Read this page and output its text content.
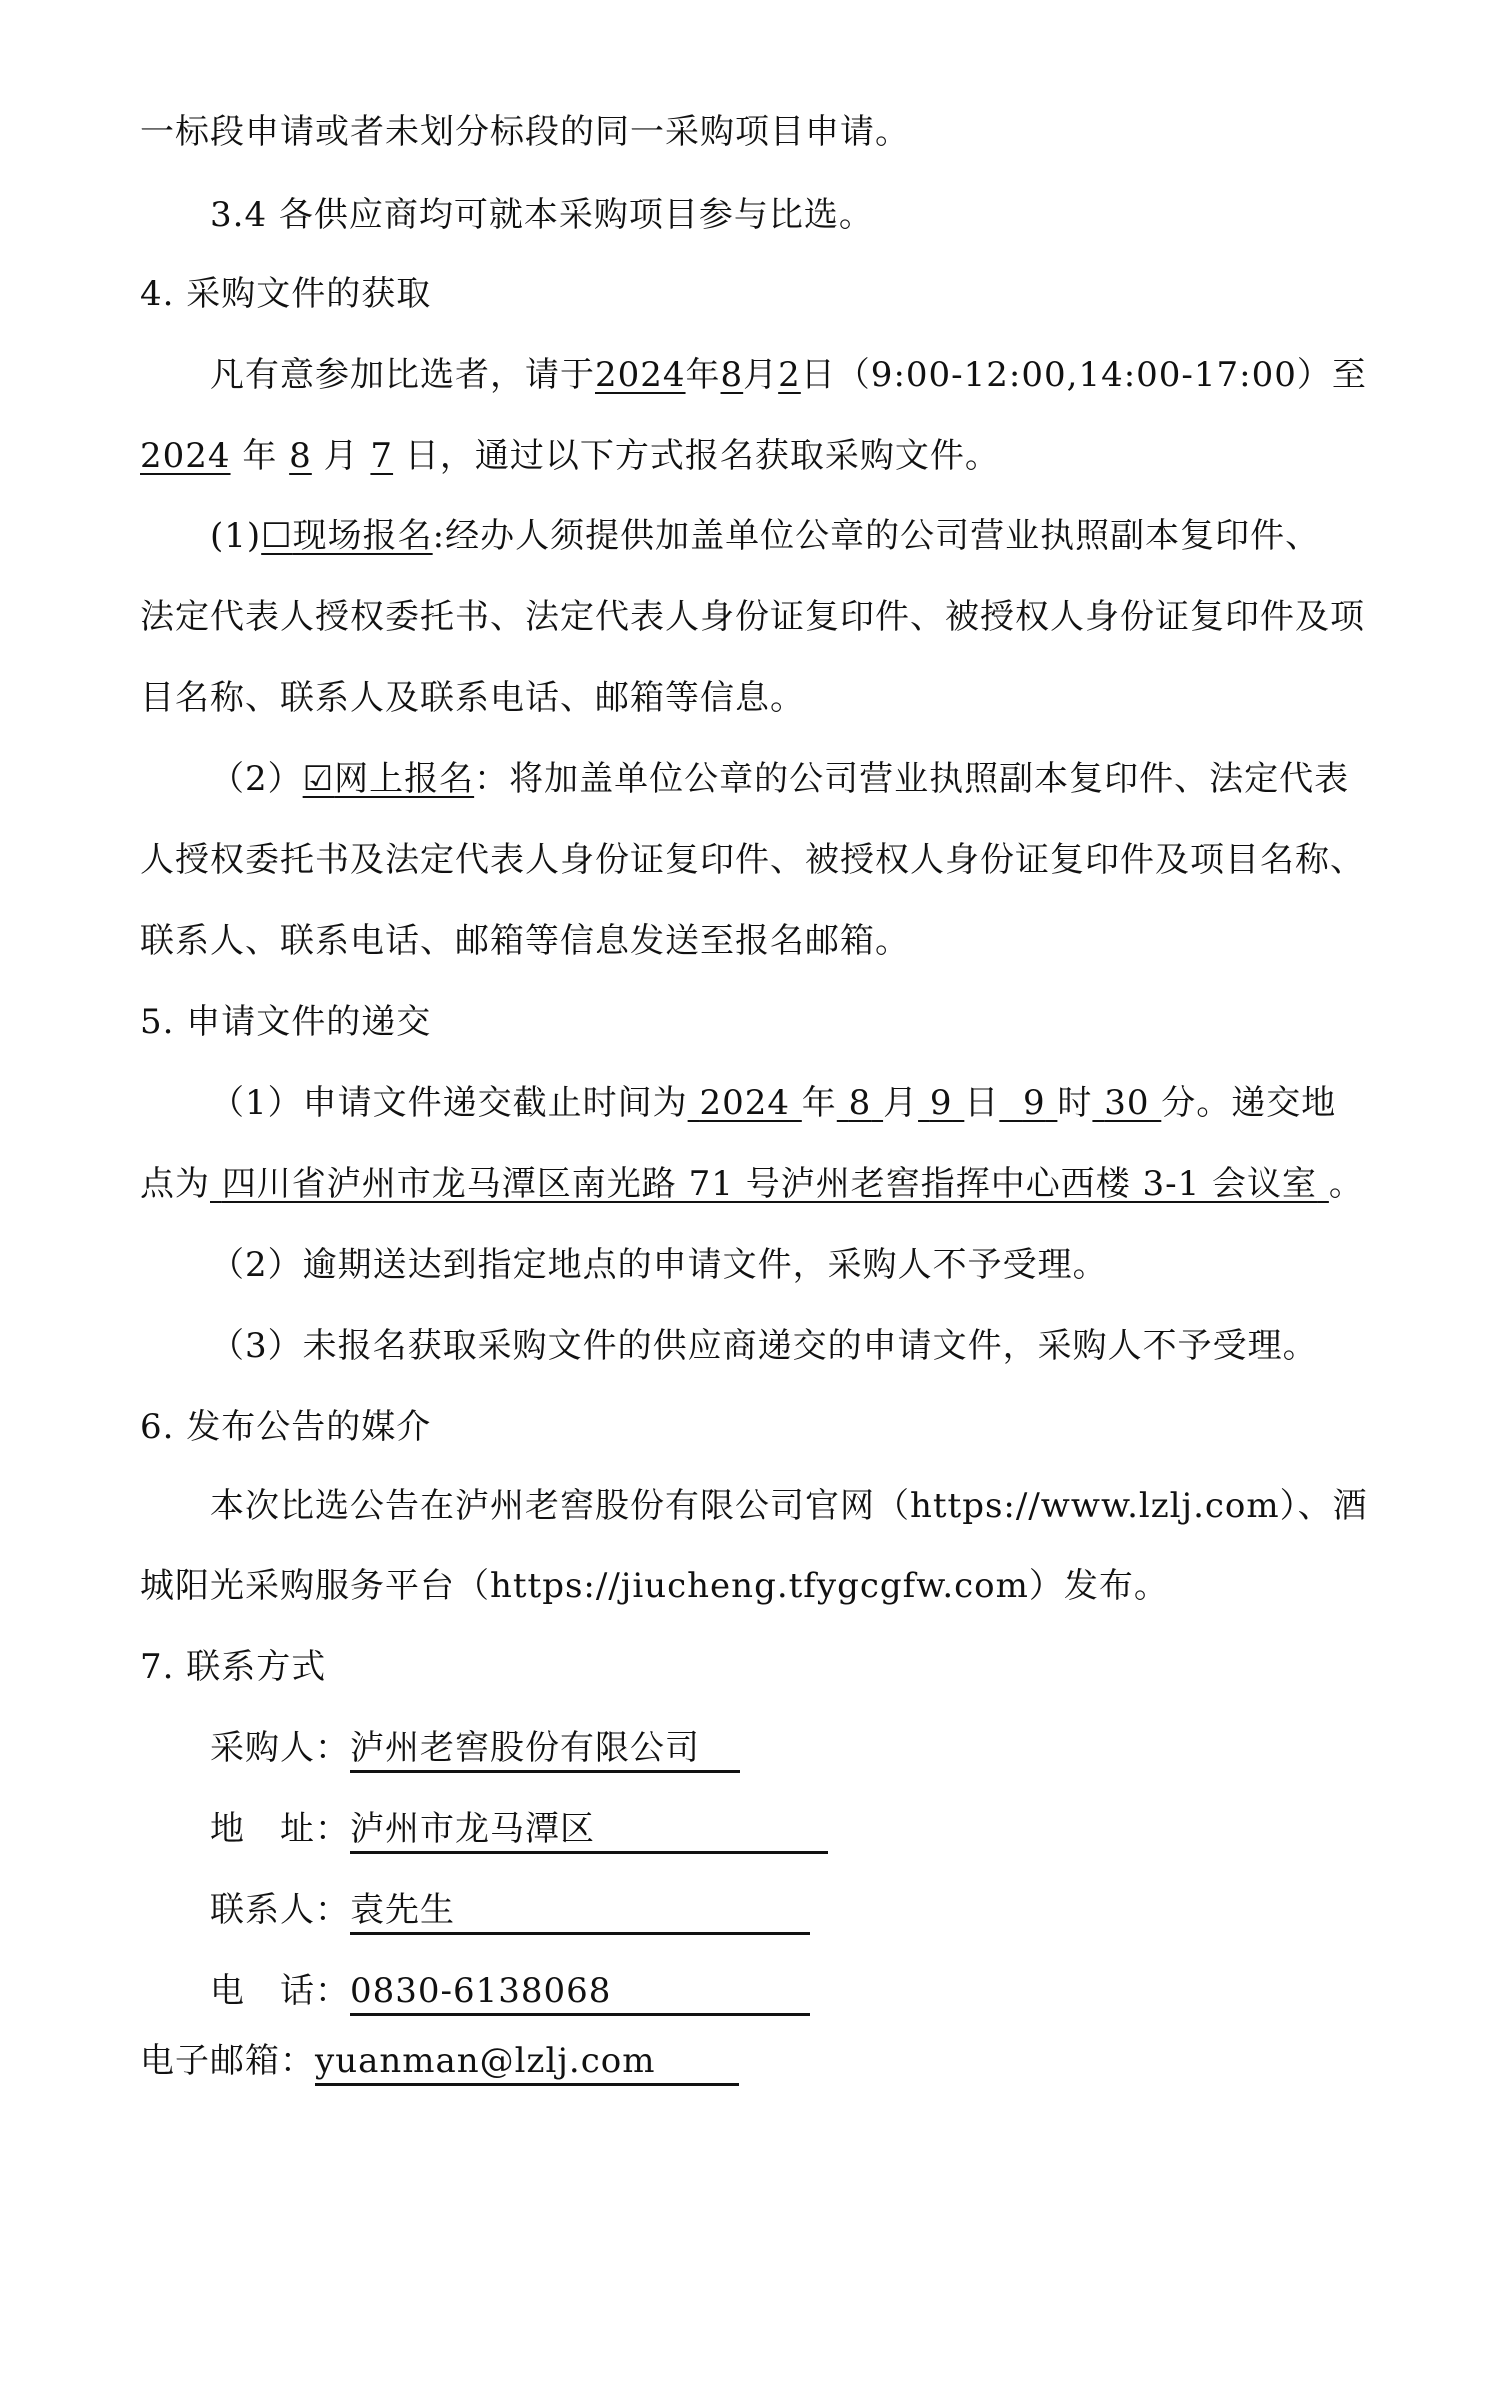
一标段申请或者未划分标段的同一采购项目申请。
3.4 各供应商均可就本采购项目参与比选。
4. 采购文件的获取
凡有意参加比选者，请于2024年8月2日（9:00-12:00,14:00-17:00）至
2024 年 8 月 7 日，通过以下方式报名获取采购文件。
(1)☐现场报名:经办人须提供加盖单位公章的公司营业执照副本复印件、
法定代表人授权委托书、法定代表人身份证复印件、被授权人身份证复印件及项
目名称、联系人及联系电话、邮箱等信息。
（2）☑网上报名：将加盖单位公章的公司营业执照副本复印件、法定代表
人授权委托书及法定代表人身份证复印件、被授权人身份证复印件及项目名称、
联系人、联系电话、邮箱等信息发送至报名邮箱。
5. 申请文件的递交
（1）申请文件递交截止时间为 2024 年 8 月 9 日 9 时 30 分。递交地
点为 四川省泸州市龙马潭区南光路 71 号泸州老窖指挥中心西楼 3-1 会议室 。
（2）逾期送达到指定地点的申请文件，采购人不予受理。
（3）未报名获取采购文件的供应商递交的申请文件，采购人不予受理。
6. 发布公告的媒介
本次比选公告在泸州老窖股份有限公司官网（https://www.lzlj.com）、酒
城阳光采购服务平台（https://jiucheng.tfygcgfw.com）发布。
7. 联系方式
采购人：泸州老窖股份有限公司
地　址：泸州市龙马潭区
联系人：袁先生
电　话：0830-6138068
电子邮箱：yuanman@lzlj.com
